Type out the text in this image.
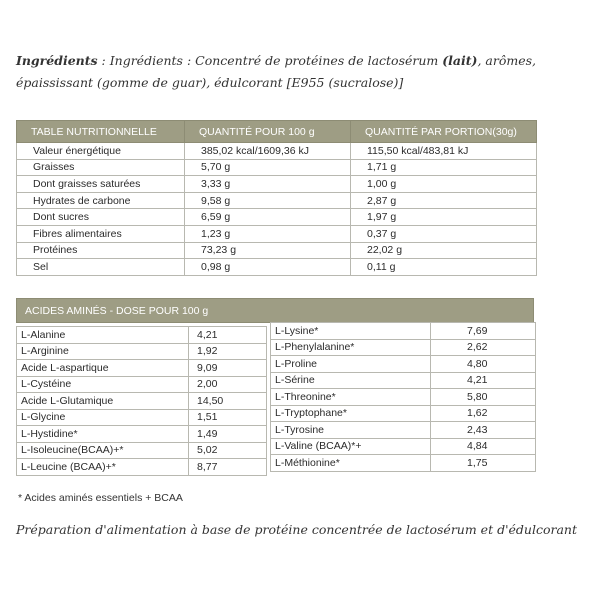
Ingrédients : Ingrédients : Concentré de protéines de lactosérum (lait), arômes, épaississant (gomme de guar), édulcorant [E955 (sucralose)]
TABLE NUTRITIONNELLE	QUANTITÉ POUR 100 g	QUANTITÉ PAR PORTION(30g)
Valeur énergétique	385,02 kcal/1609,36 kJ	115,50 kcal/483,81 kJ
Graisses	5,70 g	1,71 g
Dont graisses saturées	3,33 g	1,00 g
Hydrates de carbone	9,58 g	2,87 g
Dont sucres	6,59 g	1,97 g
Fibres alimentaires	1,23 g	0,37 g
Protéines	73,23 g	22,02 g
Sel	0,98 g	0,11 g
ACIDES AMINÉS - DOSE POUR 100 g
L-Alanine	4,21
L-Arginine	1,92
Acide L-aspartique	9,09
L-Cystéine	2,00
Acide L-Glutamique	14,50
L-Glycine	1,51
L-Hystidine*	1,49
L-Isoleucine(BCAA)+*	5,02
L-Leucine (BCAA)+*	8,77
L-Lysine*	7,69
L-Phenylalanine*	2,62
L-Proline	4,80
L-Sérine	4,21
L-Threonine*	5,80
L-Tryptophane*	1,62
L-Tyrosine	2,43
L-Valine (BCAA)*+	4,84
L-Méthionine*	1,75
* Acides aminés essentiels + BCAA
Préparation d'alimentation à base de protéine concentrée de lactosérum et d'édulcorant
